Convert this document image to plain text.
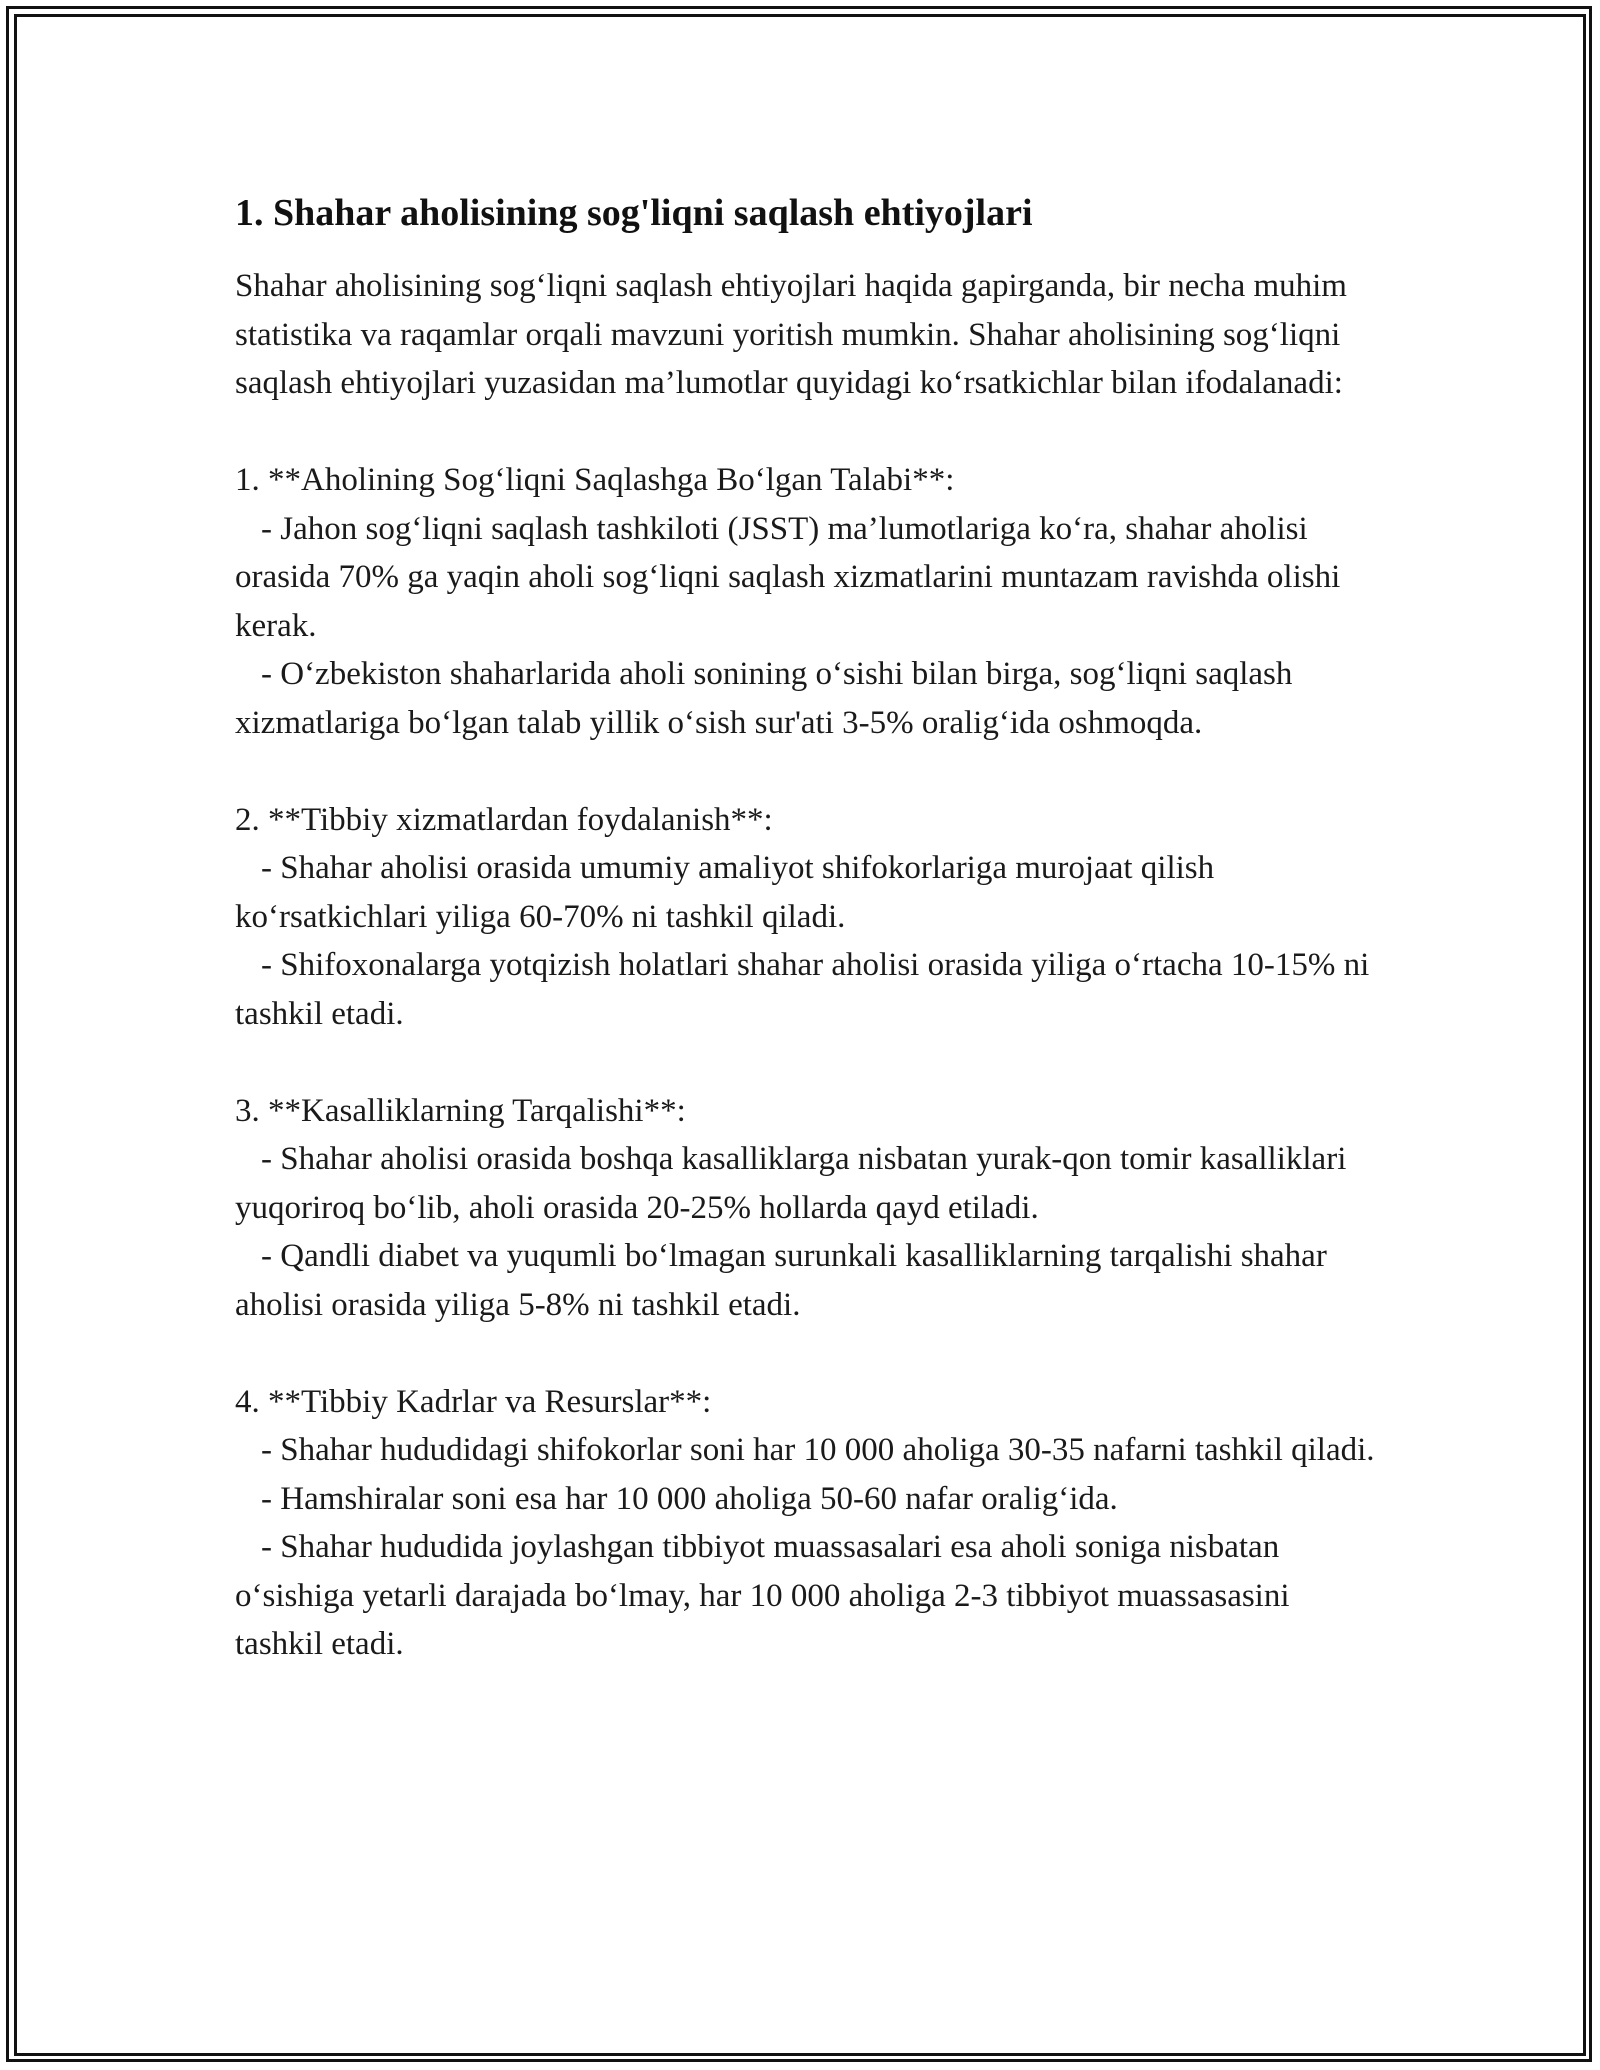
1. Shahar aholisining sog'liqni saqlash ehtiyojlari

Shahar aholisining sog‘liqni saqlash ehtiyojlari haqida gapirganda, bir necha muhim statistika va raqamlar orqali mavzuni yoritish mumkin. Shahar aholisining sog‘liqni saqlash ehtiyojlari yuzasidan ma’lumotlar quyidagi ko‘rsatkichlar bilan ifodalanadi:

1. **Aholining Sog‘liqni Saqlashga Bo‘lgan Talabi**:

- Jahon sog‘liqni saqlash tashkiloti (JSST) ma’lumotlariga ko‘ra, shahar aholisi orasida 70% ga yaqin aholi sog‘liqni saqlash xizmatlarini muntazam ravishda olishi kerak.

- O‘zbekiston shaharlarida aholi sonining o‘sishi bilan birga, sog‘liqni saqlash xizmatlariga bo‘lgan talab yillik o‘sish sur'ati 3-5% oralig‘ida oshmoqda.

2. **Tibbiy xizmatlardan foydalanish**:

- Shahar aholisi orasida umumiy amaliyot shifokorlariga murojaat qilish ko‘rsatkichlari yiliga 60-70% ni tashkil qiladi.

- Shifoxonalarga yotqizish holatlari shahar aholisi orasida yiliga o‘rtacha 10-15% ni tashkil etadi.

3. **Kasalliklarning Tarqalishi**:

- Shahar aholisi orasida boshqa kasalliklarga nisbatan yurak-qon tomir kasalliklari yuqoriroq bo‘lib, aholi orasida 20-25% hollarda qayd etiladi.

- Qandli diabet va yuqumli bo‘lmagan surunkali kasalliklarning tarqalishi shahar aholisi orasida yiliga 5-8% ni tashkil etadi.

4. **Tibbiy Kadrlar va Resurslar**:

- Shahar hududidagi shifokorlar soni har 10 000 aholiga 30-35 nafarni tashkil qiladi.

- Hamshiralar soni esa har 10 000 aholiga 50-60 nafar oralig‘ida.

- Shahar hududida joylashgan tibbiyot muassasalari esa aholi soniga nisbatan o‘sishiga yetarli darajada bo‘lmay, har 10 000 aholiga 2-3 tibbiyot muassasasini tashkil etadi.
